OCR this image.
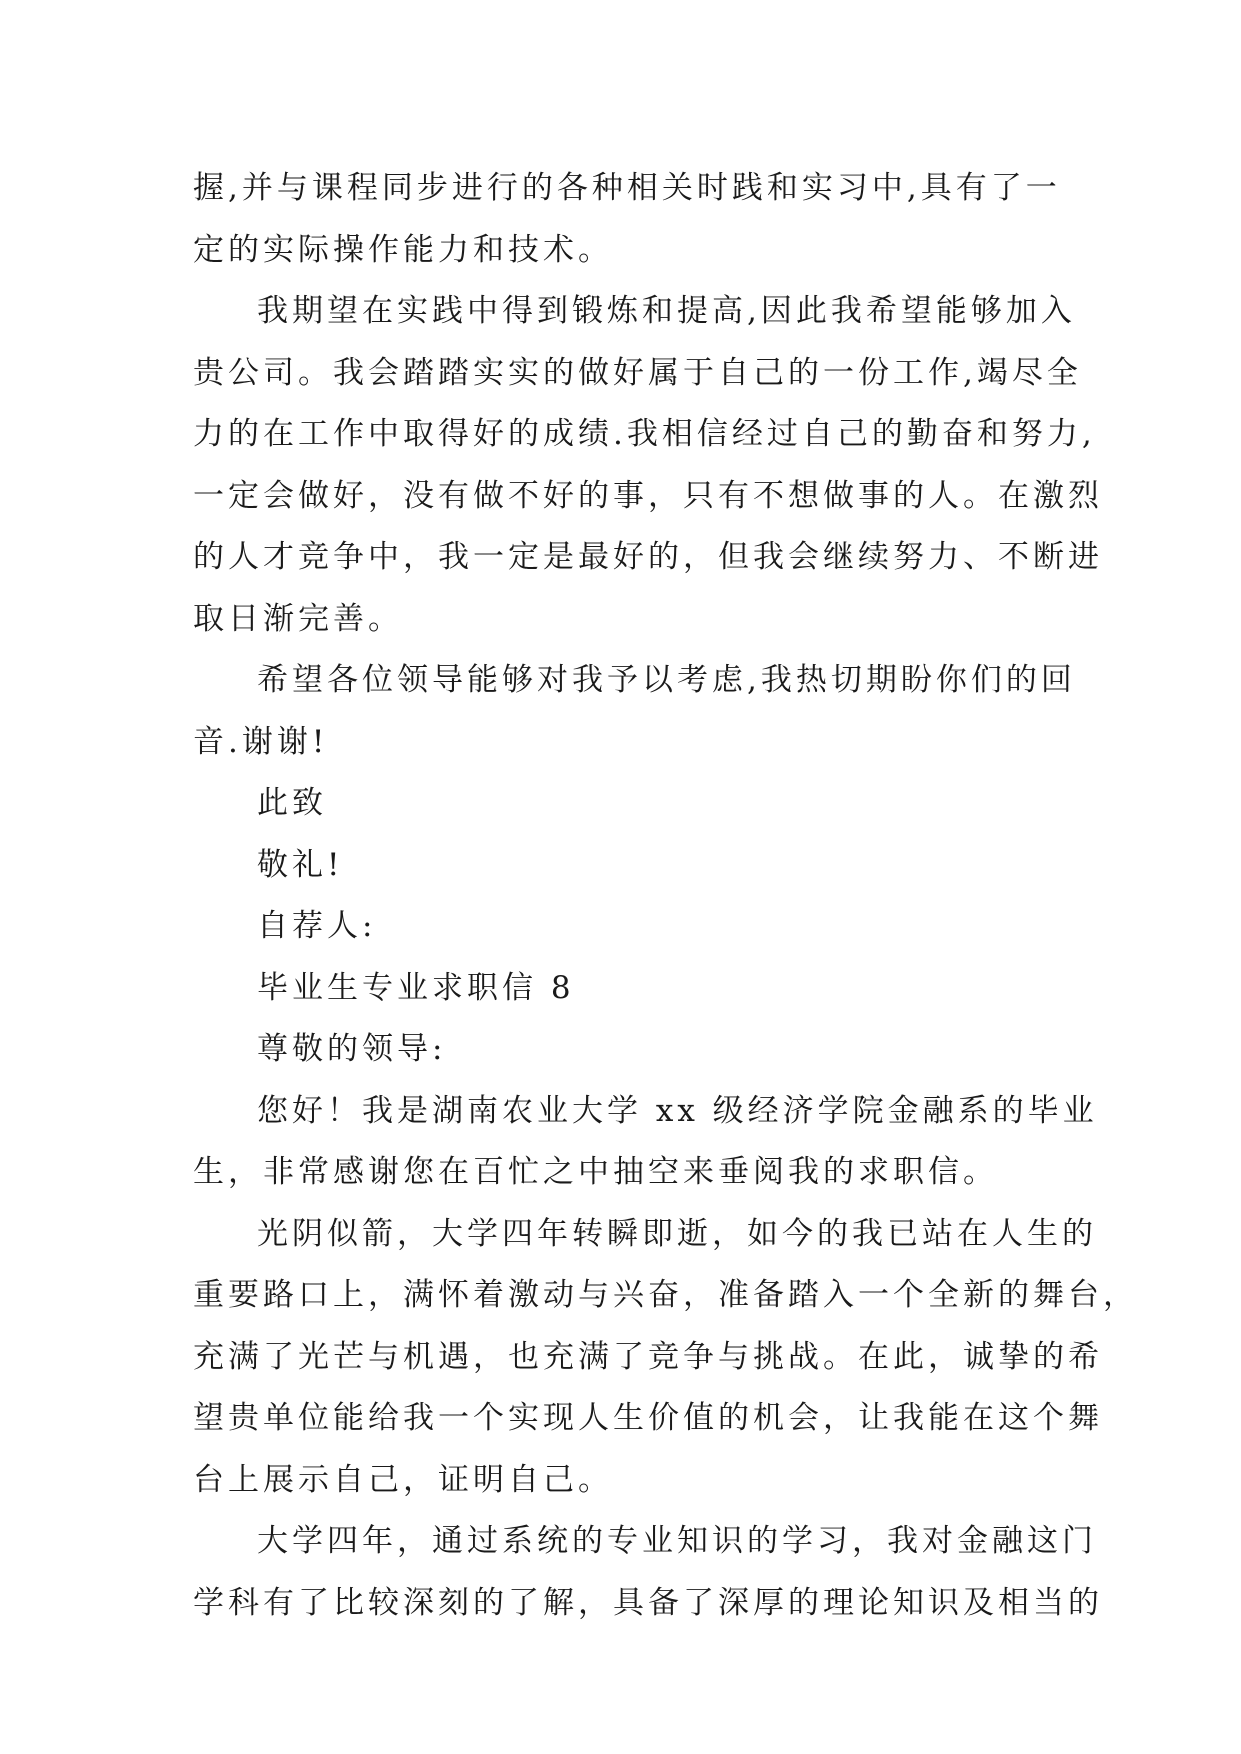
握,并与课程同步进行的各种相关时践和实习中,具有了一
定的实际操作能力和技术。
我期望在实践中得到锻炼和提高,因此我希望能够加入
贵公司。我会踏踏实实的做好属于自己的一份工作,竭尽全
力的在工作中取得好的成绩.我相信经过自己的勤奋和努力,
一定会做好，没有做不好的事，只有不想做事的人。在激烈
的人才竞争中，我一定是最好的，但我会继续努力、不断进
取日渐完善。
希望各位领导能够对我予以考虑,我热切期盼你们的回
音.谢谢!
此致
敬礼!
自荐人:
毕业生专业求职信 8
尊敬的领导:
您好！我是湖南农业大学 xx 级经济学院金融系的毕业
生，非常感谢您在百忙之中抽空来垂阅我的求职信。
光阴似箭，大学四年转瞬即逝，如今的我已站在人生的
重要路口上，满怀着激动与兴奋，准备踏入一个全新的舞台，
充满了光芒与机遇，也充满了竞争与挑战。在此，诚挚的希
望贵单位能给我一个实现人生价值的机会，让我能在这个舞
台上展示自己，证明自己。
大学四年，通过系统的专业知识的学习，我对金融这门
学科有了比较深刻的了解，具备了深厚的理论知识及相当的
